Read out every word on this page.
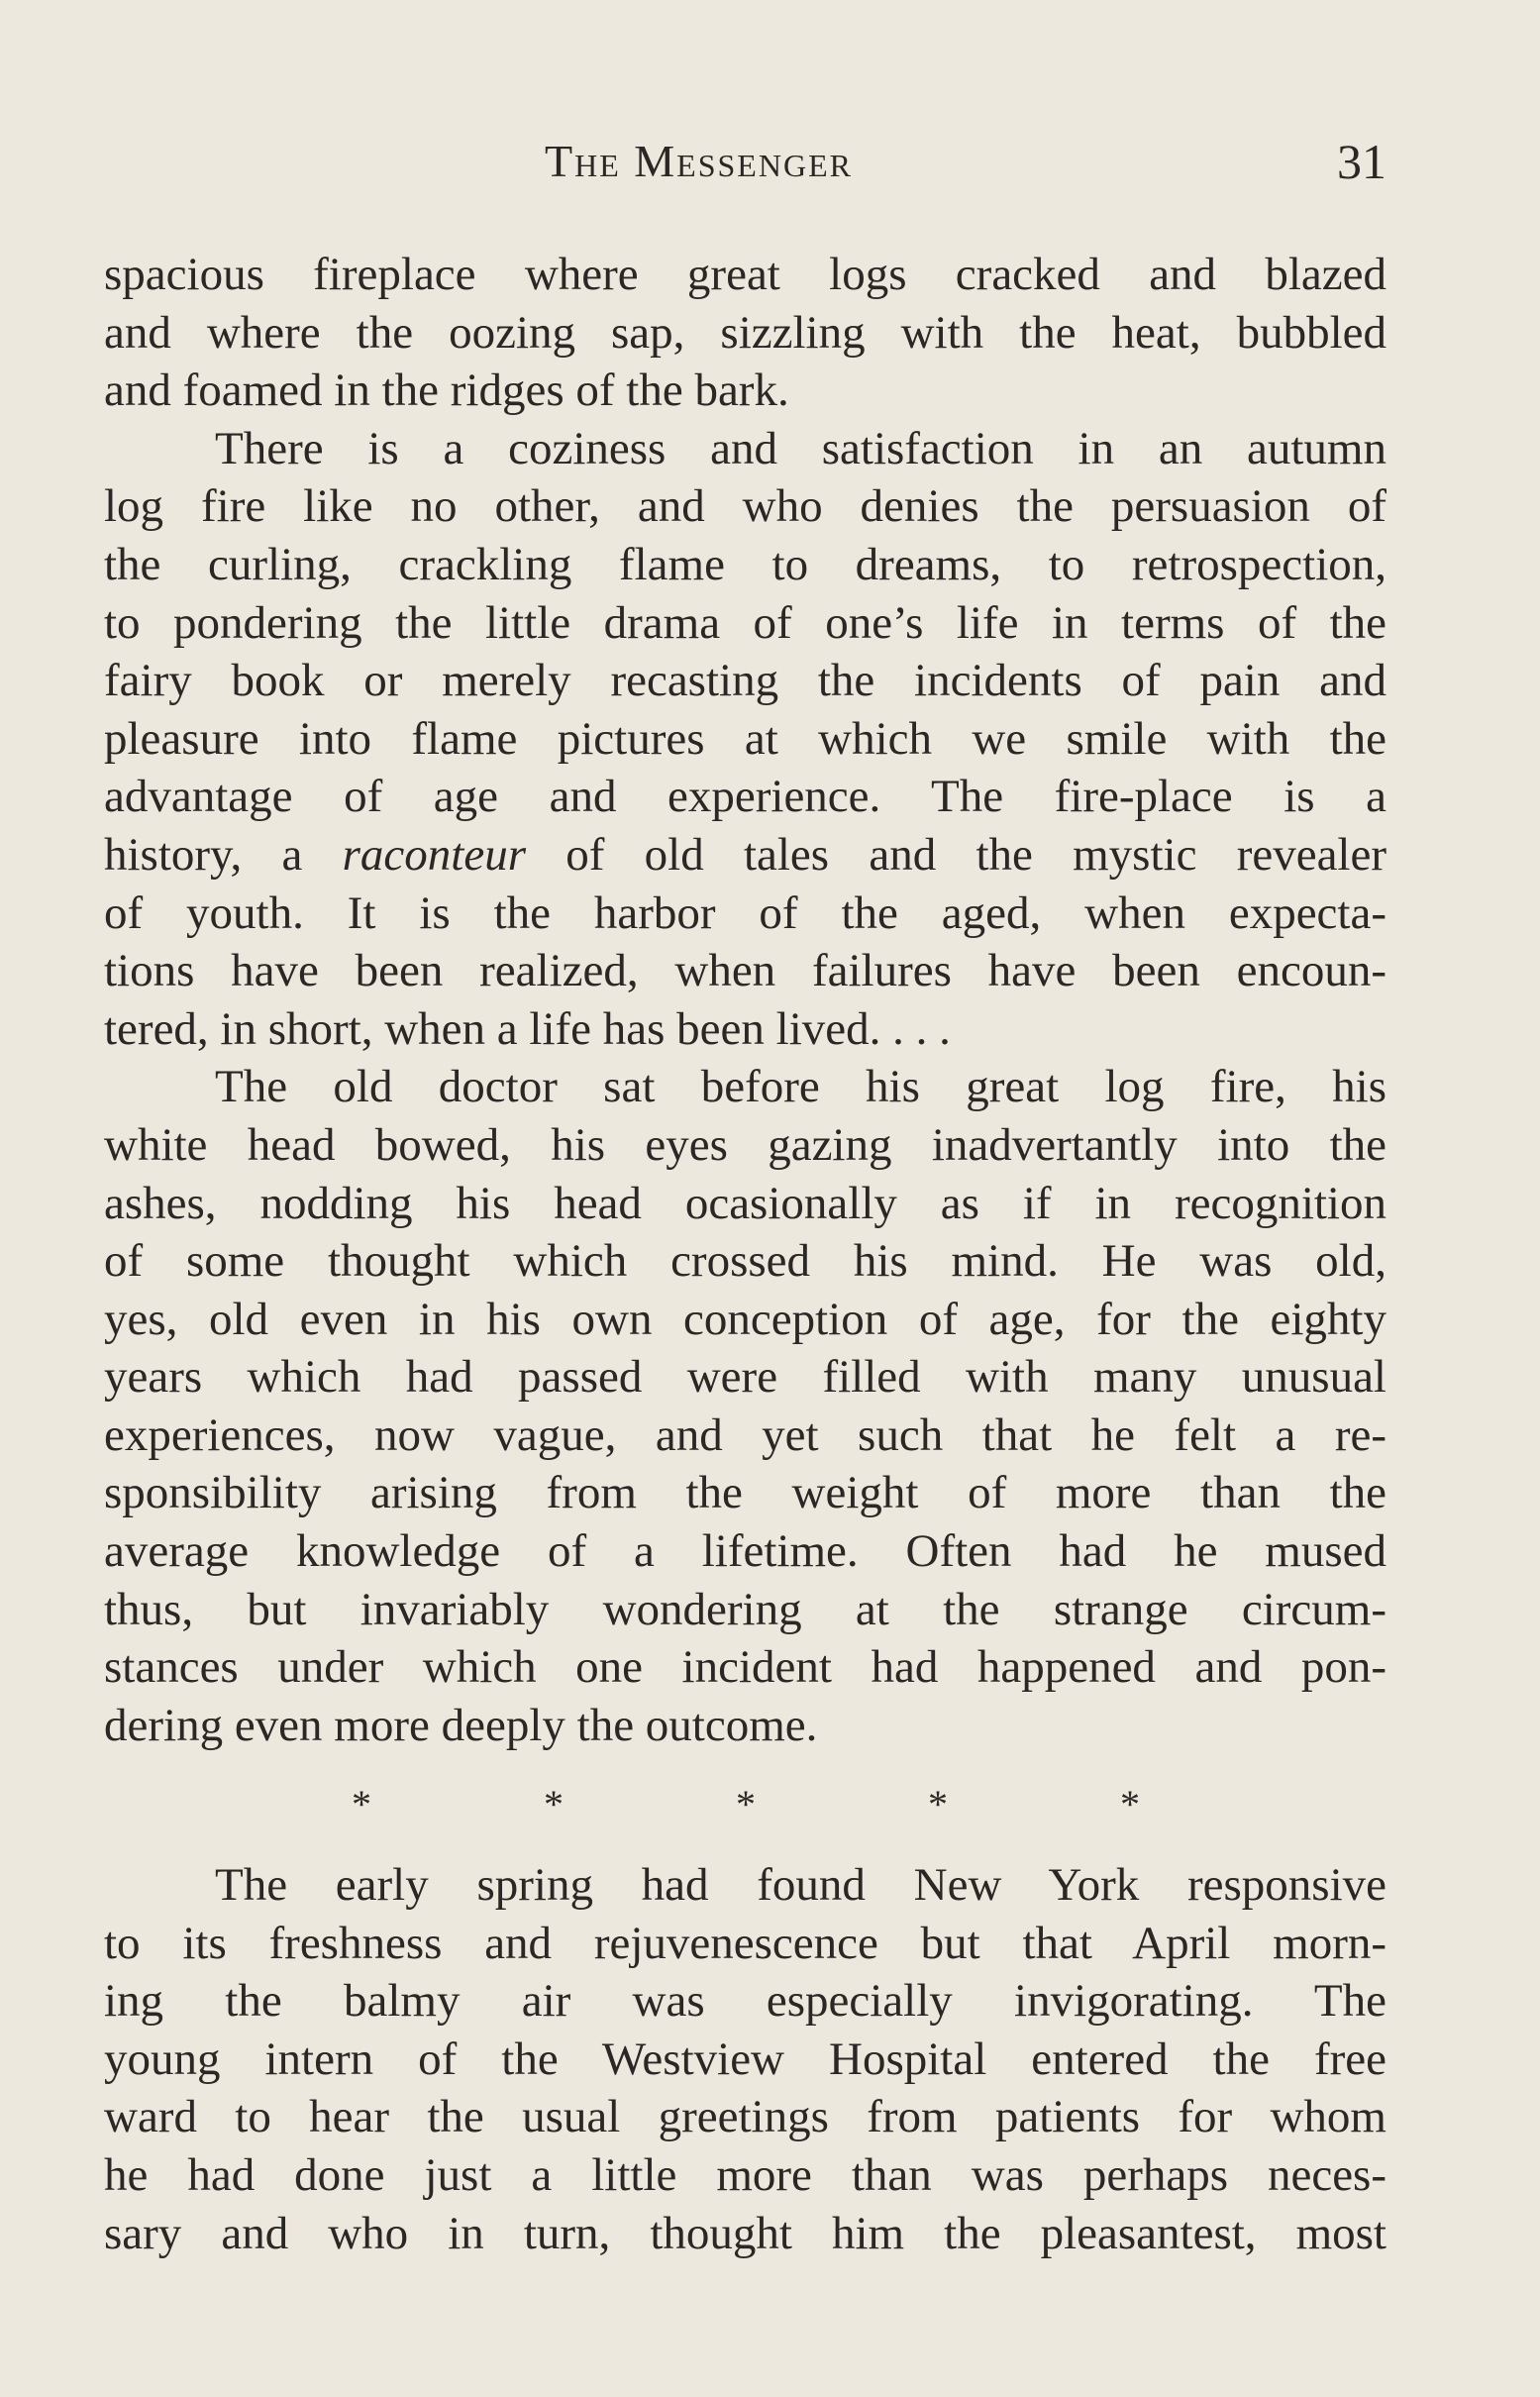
The Messenger	31
spacious fireplace where great logs cracked and blazed
and where the oozing sap, sizzling with the heat, bubbled
and foamed in the ridges of the bark.
There is a coziness and satisfaction in an autumn
log fire like no other, and who denies the persuasion of
the curling, crackling flame to dreams, to retrospection,
to pondering the little drama of one’s life in terms of the
fairy book or merely recasting the incidents of pain and
pleasure into flame pictures at which we smile with the
advantage of age and experience. The fire-place is a
history, a raconteur of old tales and the mystic revealer
of youth. It is the harbor of the aged, when expecta-
tions have been realized, when failures have been encoun-
tered, in short, when a life has been lived. . . .
The old doctor sat before his great log fire, his
white head bowed, his eyes gazing inadvertantly into the
ashes, nodding his head ocasionally as if in recognition
of some thought which crossed his mind. He was old,
yes, old even in his own conception of age, for the eighty
years which had passed were filled with many unusual
experiences, now vague, and yet such that he felt a re-
sponsibility arising from the weight of more than the
average knowledge of a lifetime. Often had he mused
thus, but invariably wondering at the strange circum-
stances under which one incident had happened and pon-
dering even more deeply the outcome.
*	*	*	*	*
The early spring had found New York responsive
to its freshness and rejuvenescence but that April morn-
ing the balmy air was especially invigorating. The
young intern of the Westview Hospital entered the free
ward to hear the usual greetings from patients for whom
he had done just a little more than was perhaps neces-
sary and who in turn, thought him the pleasantest, most
